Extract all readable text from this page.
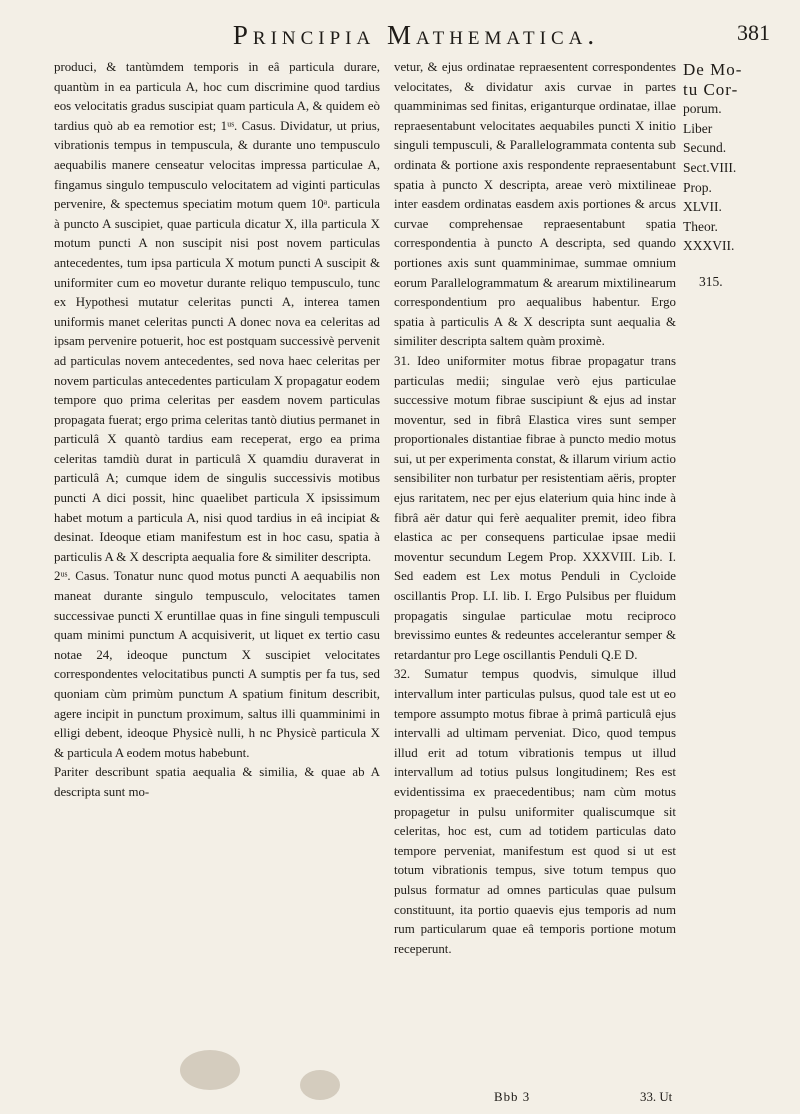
Principia Mathematica.	381

produci, & tantùmdem temporis in eâ particula durare, quantùm in ea particula A, hoc cum discrimine quod tardius eos velocitatis gradus suscipiat quam particula A, & quidem eò tardius quò ab ea remotior est; 1ᵘˢ. Casus. Dividatur, ut prius, vibrationis tempus in tempuscula, & durante uno tempusculo aequabilis manere censeatur velocitas impressa particulae A, fingamus singulo tempusculo velocitatem ad viginti particulas pervenire, & spectemus speciatim motum quem 10ᵃ. particula à puncto A suscipiet, quae particula dicatur X, illa particula X motum puncti A non suscipit nisi post novem particulas antecedentes, tum ipsa particula X motum puncti A suscipit & uniformiter cum eo movetur durante reliquo tempusculo, tunc ex Hypothesi mutatur celeritas puncti A, interea tamen uniformis manet celeritas puncti A donec nova ea celeritas ad ipsam pervenire potuerit, hoc est postquam successivè pervenit ad particulas novem antecedentes, sed nova haec celeritas per novem particulas antecedentes particulam X propagatur eodem tempore quo prima celeritas per easdem novem particulas propagata fuerat; ergo prima celeritas tantò diutius permanet in particulâ X quantò tardius eam receperat, ergo ea prima celeritas tamdiù durat in particulâ X quamdiu duraverat in particulâ A; cumque idem de singulis successivis motibus puncti A dici possit, hinc quaelibet particula X ipsissimum habet motum a particula A, nisi quod tardius in eâ incipiat & desinat. Ideoque etiam manifestum est in hoc casu, spatia à particulis A & X descripta aequalia fore & similiter descripta.

2ᵘˢ. Casus. Tonatur nunc quod motus puncti A aequabilis non maneat durante singulo tempusculo, velocitates tamen successivae puncti X eruntillae quas in fine singuli tempusculi quam minimi punctum A acquisiverit, ut liquet ex tertio casu notae 24, ideoque punctum X suscipiet velocitates correspondentes velocitatibus puncti A sumptis per fa tus, sed quoniam cùm primùm punctum A spatium finitum describit, agere incipit in punctum proximum, saltus illi quamminimi in elligi debent, ideoque Physicè nulli, h nc Physicè particula X & particula A eodem motus habebunt.

Pariter describunt spatia aequalia & similia, & quae ab A descripta sunt mo-

vetur, & ejus ordinatae repraesentent correspondentes velocitates, & dividatur axis curvae in partes quamminimas sed finitas, eriganturque ordinatae, illae repraesentabunt velocitates aequabiles puncti X initio singuli tempusculi, & Parallelogrammata contenta sub ordinata & portione axis respondente repraesentabunt spatia à puncto X descripta, areae verò mixtilineae inter easdem ordinatas easdem axis portiones & arcus curvae comprehensae repraesentabunt spatia correspondentia à puncto A descripta, sed quando portiones axis sunt quamminimae, summae omnium eorum Parallelogrammatum & arearum mixtilinearum correspondentium pro aequalibus habentur. Ergo spatia à particulis A & X descripta sunt aequalia & similiter descripta saltem quàm proximè.

31. Ideo uniformiter motus fibrae propagatur trans particulas medii; singulae verò ejus particulae successive motum fibrae suscipiunt & ejus ad instar moventur, sed in fibrâ Elastica vires sunt semper proportionales distantiae fibrae à puncto medio motus sui, ut per experimenta constat, & illarum virium actio sensibiliter non turbatur per resistentiam aëris, propter ejus raritatem, nec per ejus elaterium quia hinc inde à fibrâ aër datur qui ferè aequaliter premit, ideo fibra elastica ac per consequens particulae ipsae medii moventur secundum Legem Prop. XXXVIII. Lib. I. Sed eadem est Lex motus Penduli in Cycloide oscillantis Prop. LI. lib. I. Ergo Pulsibus per fluidum propagatis singulae particulae motu reciproco brevissimo euntes & redeuntes accelerantur semper & retardantur pro Lege oscillantis Penduli Q.E D.

32. Sumatur tempus quodvis, simulque illud intervallum inter particulas pulsus, quod tale est ut eo tempore assumpto motus fibrae à primâ particulâ ejus intervalli ad ultimam perveniat. Dico, quod tempus illud erit ad totum vibrationis tempus ut illud intervallum ad totius pulsus longitudinem; Res est evidentissima ex praecedentibus; nam cùm motus propagetur in pulsu uniformiter qualiscumque sit celeritas, hoc est, cum ad totidem particulas dato tempore perveniat, manifestum est quod si ut est totum vibrationis tempus, sive totum tempus quo pulsus formatur ad omnes particulas quae pulsum constituunt, ita portio quaevis ejus temporis ad num rum particularum quae eâ temporis portione motum receperunt.

De Mo-
tu Cor-
porum.
Liber
Secund.
Sect.VIII.
Prop.
XLVII.
Theor.
XXXVII.
315.
Bbb 3	33. Ut
